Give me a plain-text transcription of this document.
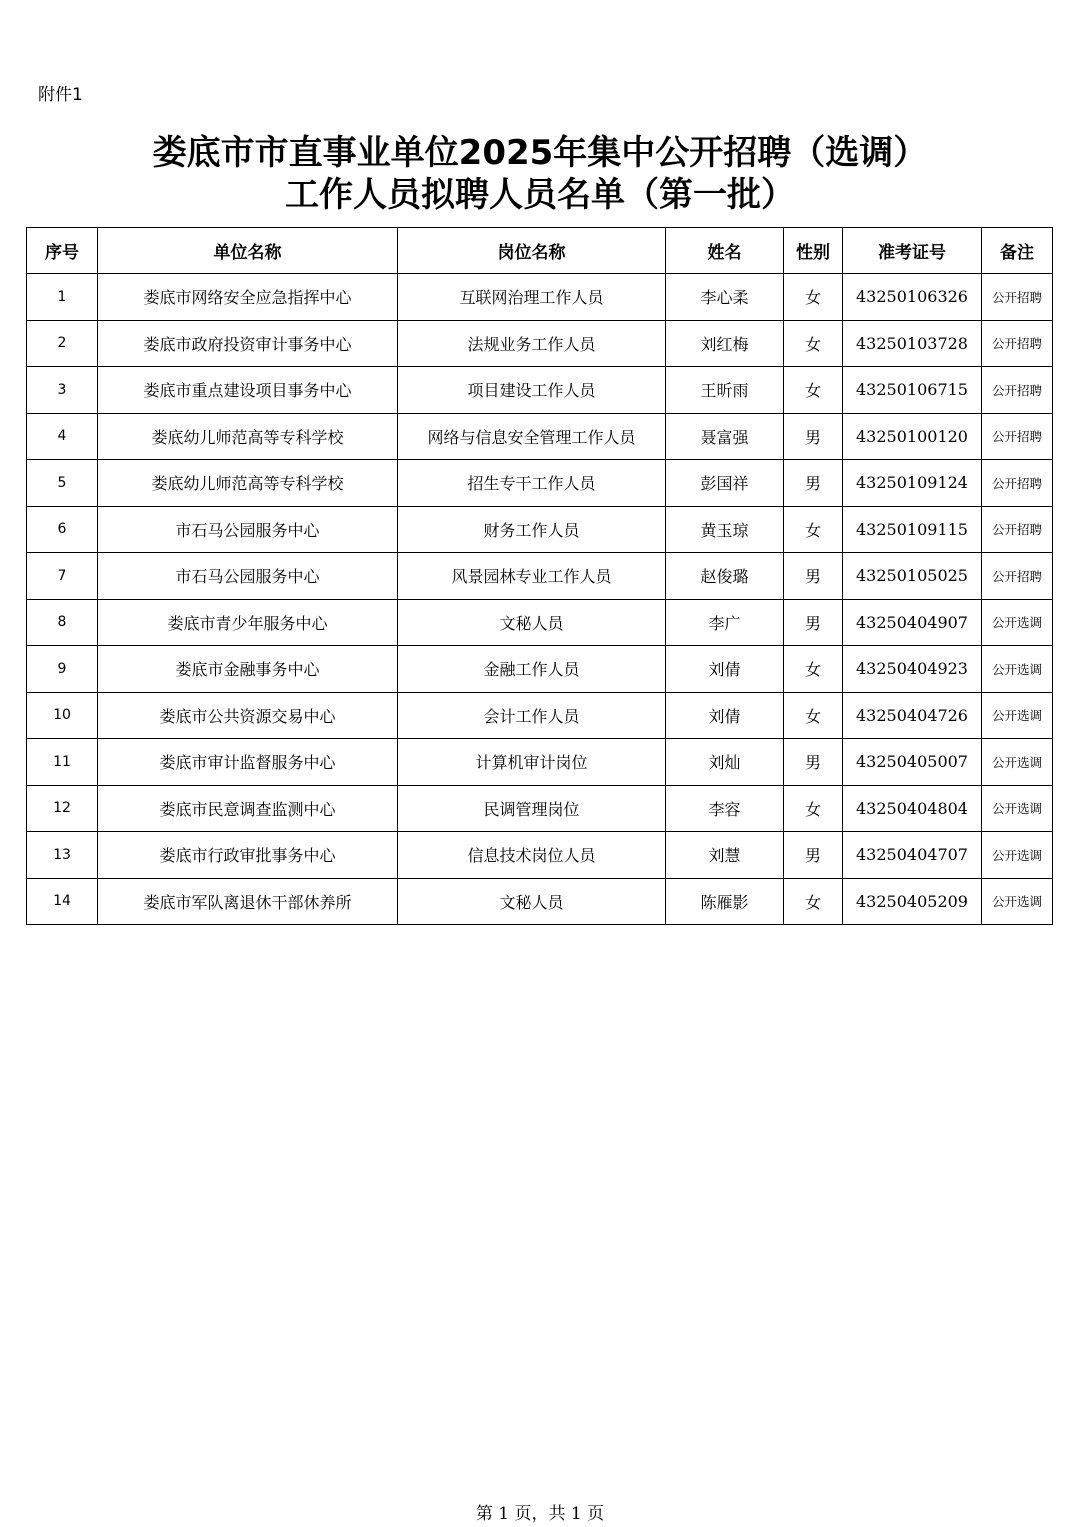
附件1
娄底市市直事业单位2025年集中公开招聘（选调）
工作人员拟聘人员名单（第一批）
序号	单位名称	岗位名称	姓名	性别	准考证号	备注
1	娄底市网络安全应急指挥中心	互联网治理工作人员	李心柔	女	43250106326	公开招聘
2	娄底市政府投资审计事务中心	法规业务工作人员	刘红梅	女	43250103728	公开招聘
3	娄底市重点建设项目事务中心	项目建设工作人员	王昕雨	女	43250106715	公开招聘
4	娄底幼儿师范高等专科学校	网络与信息安全管理工作人员	聂富强	男	43250100120	公开招聘
5	娄底幼儿师范高等专科学校	招生专干工作人员	彭国祥	男	43250109124	公开招聘
6	市石马公园服务中心	财务工作人员	黄玉琼	女	43250109115	公开招聘
7	市石马公园服务中心	风景园林专业工作人员	赵俊璐	男	43250105025	公开招聘
8	娄底市青少年服务中心	文秘人员	李广	男	43250404907	公开选调
9	娄底市金融事务中心	金融工作人员	刘倩	女	43250404923	公开选调
10	娄底市公共资源交易中心	会计工作人员	刘倩	女	43250404726	公开选调
11	娄底市审计监督服务中心	计算机审计岗位	刘灿	男	43250405007	公开选调
12	娄底市民意调查监测中心	民调管理岗位	李容	女	43250404804	公开选调
13	娄底市行政审批事务中心	信息技术岗位人员	刘慧	男	43250404707	公开选调
14	娄底市军队离退休干部休养所	文秘人员	陈雁影	女	43250405209	公开选调
第 1 页，共 1 页
